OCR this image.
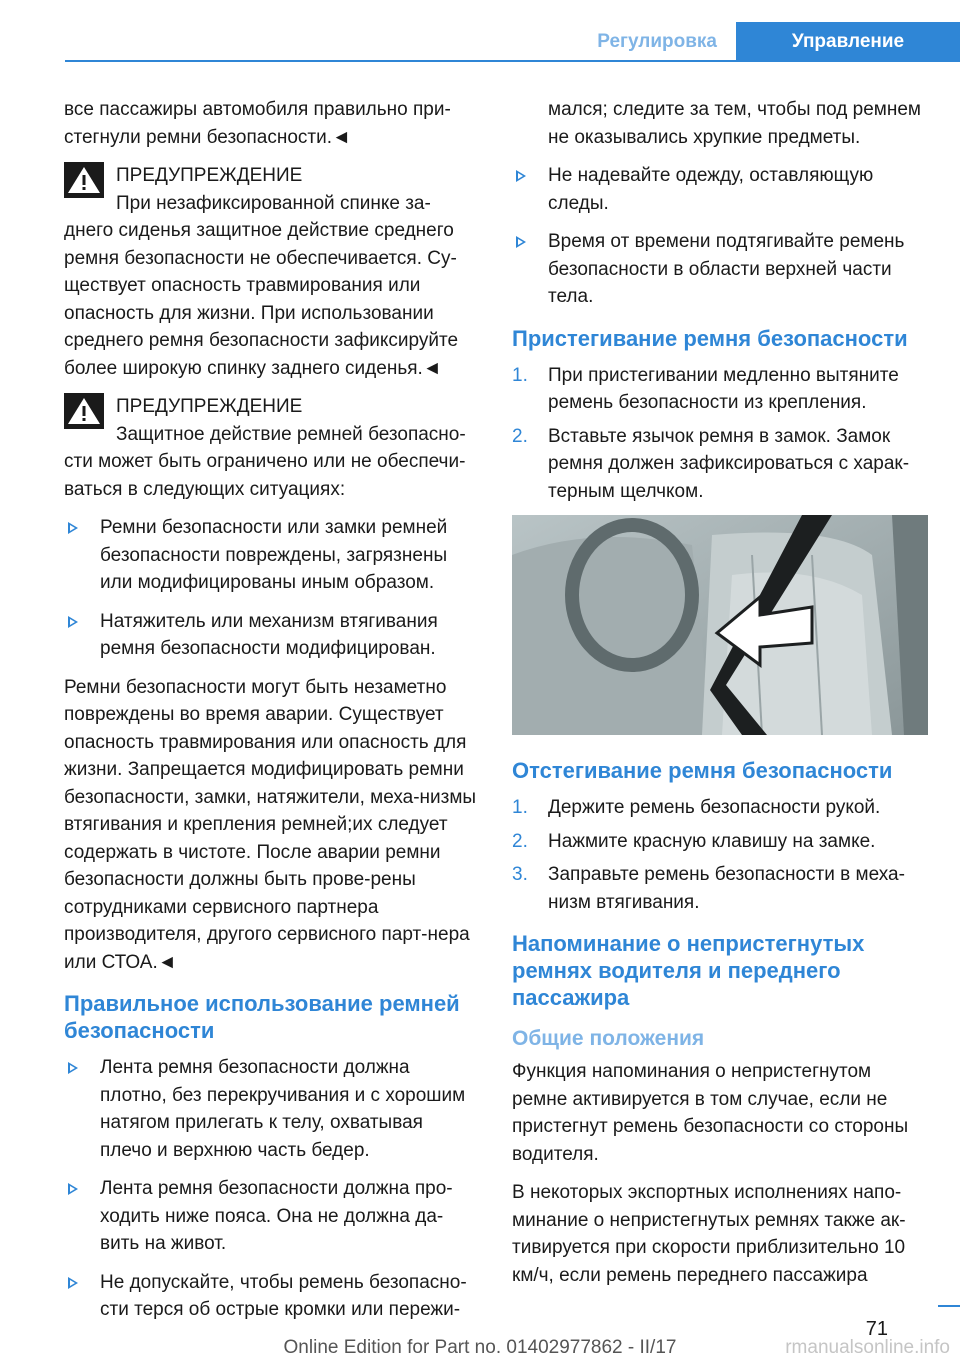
Регулировка	Управление

все пассажиры автомобиля правильно при-стегнули ремни безопасности.◄

ПРЕДУПРЕЖДЕНИЕ

При незафиксированной спинке за-днего сиденья защитное действие среднего ремня безопасности не обеспечивается. Су-ществует опасность травмирования или опасность для жизни. При использовании среднего ремня безопасности зафиксируйте более широкую спинку заднего сиденья.◄

ПРЕДУПРЕЖДЕНИЕ

Защитное действие ремней безопасно-сти может быть ограничено или не обеспечи-ваться в следующих ситуациях:

Ремни безопасности или замки ремней безопасности повреждены, загрязнены или модифицированы иным образом.

Натяжитель или механизм втягивания ремня безопасности модифицирован.

Ремни безопасности могут быть незаметно повреждены во время аварии. Существует опасность травмирования или опасность для жизни. Запрещается модифицировать ремни безопасности, замки, натяжители, меха-низмы втягивания и крепления ремней;их следует содержать в чистоте. После аварии ремни безопасности должны быть прове-рены сотрудниками сервисного партнера производителя, другого сервисного парт-нера или СТОА.◄

Правильное использование ремней безопасности

Лента ремня безопасности должна плотно, без перекручивания и с хорошим натягом прилегать к телу, охватывая плечо и верхнюю часть бедер.

Лента ремня безопасности должна про-ходить ниже пояса. Она не должна да-вить на живот.

Не допускайте, чтобы ремень безопасно-сти терся об острые кромки или пережи-

мался; следите за тем, чтобы под ремнем не оказывались хрупкие предметы.

Не надевайте одежду, оставляющую следы.

Время от времени подтягивайте ремень безопасности в области верхней части тела.

Пристегивание ремня безопасности
1. При пристегивании медленно вытяните ремень безопасности из крепления.

2. Вставьте язычок ремня в замок. Замок ремня должен зафиксироваться с харак-терным щелчком.

Отстегивание ремня безопасности
1. Держите ремень безопасности рукой.

2. Нажмите красную клавишу на замке.

3. Заправьте ремень безопасности в меха-низм втягивания.

Напоминание о непристегнутых ремнях водителя и переднего пассажира
Общие положения

Функция напоминания о непристегнутом ремне активируется в том случае, если не пристегнут ремень безопасности со стороны водителя.

В некоторых экспортных исполнениях напо-минание о непристегнутых ремнях также ак-тивируется при скорости приблизительно 10 км/ч, если ремень переднего пассажира

71
Online Edition for Part no. 01402977862 - II/17	rmanualsonline.info
